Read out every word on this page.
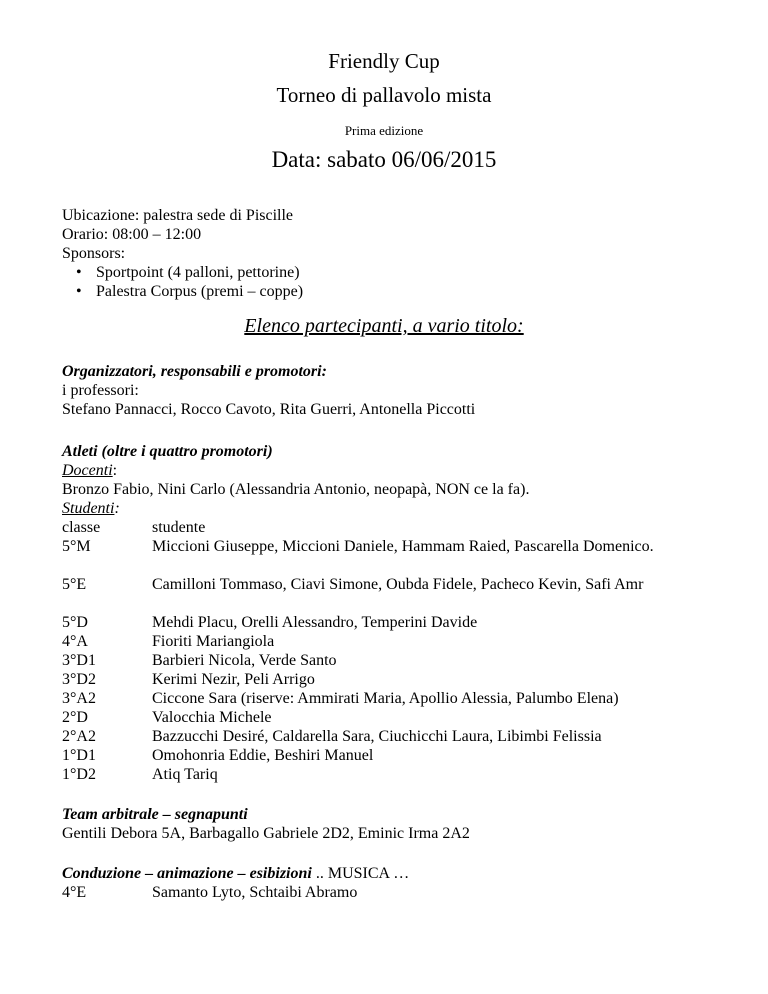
Friendly Cup
Torneo di pallavolo mista
Prima edizione
Data: sabato 06/06/2015
Ubicazione: palestra sede di Piscille
Orario: 08:00 – 12:00
Sponsors:
• Sportpoint (4 palloni, pettorine)
• Palestra Corpus (premi – coppe)
Elenco partecipanti, a vario titolo:
Organizzatori, responsabili e promotori:
i professori:
Stefano Pannacci, Rocco Cavoto, Rita Guerri, Antonella Piccotti
Atleti (oltre i quattro promotori)
Docenti:
Bronzo Fabio, Nini Carlo (Alessandria Antonio, neopapà, NON ce la fa).
Studenti:
classe	studente
5°M	Miccioni Giuseppe, Miccioni Daniele, Hammam Raied, Pascarella Domenico.
5°E	Camilloni Tommaso, Ciavi Simone, Oubda Fidele, Pacheco Kevin, Safi Amr
5°D	Mehdi Placu, Orelli Alessandro, Temperini Davide
4°A	Fioriti Mariangiola
3°D1	Barbieri Nicola, Verde Santo
3°D2	Kerimi Nezir, Peli Arrigo
3°A2	Ciccone Sara (riserve: Ammirati Maria, Apollio Alessia, Palumbo Elena)
2°D	Valocchia Michele
2°A2	Bazzucchi Desiré, Caldarella Sara, Ciuchicchi Laura, Libimbi Felissia
1°D1	Omohonria Eddie, Beshiri Manuel
1°D2	Atiq Tariq
Team arbitrale – segnapunti
Gentili Debora 5A, Barbagallo Gabriele 2D2, Eminic Irma 2A2
Conduzione – animazione – esibizioni .. MUSICA …
4°E	Samanto Lyto, Schtaibi Abramo
